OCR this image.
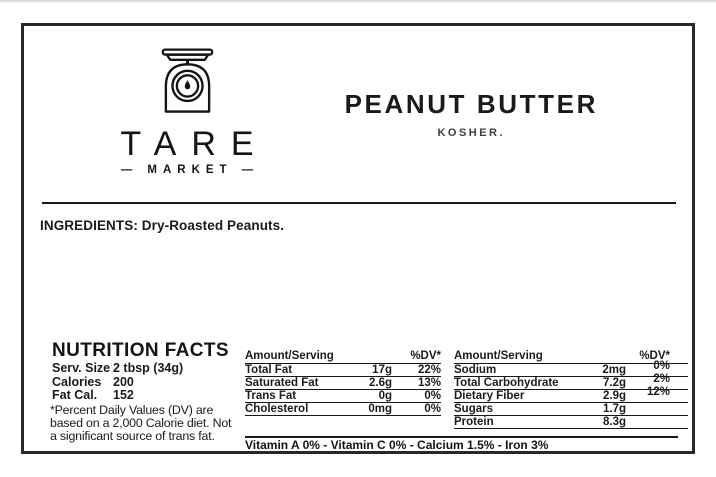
TARE
—	MARKET —
PEANUT BUTTER
KOSHER.
INGREDIENTS: Dry-Roasted Peanuts.
NUTRITION FACTS
Serv. Size 2 tbsp (34g)
Calories 200
Fat Cal.	152
*Percent Daily Values (DV) are
based on a 2,000 Calorie diet. Not
a significant source of trans fat.
Amount/Serving	%DV*
Total Fat	17g	22%
Saturated Fat	2.6g	13%
Trans Fat	0g	0%
Cholesterol	0mg	0%
Amount/Serving	%DV*
Sodium	2mg	0%
Total Carbohydrate	7.2g	2%
Dietary Fiber	2.9g	12%
Sugars	1.7g
Protein	8.3g
Vitamin A 0% - Vitamin C 0% - Calcium 1.5% - Iron 3%
